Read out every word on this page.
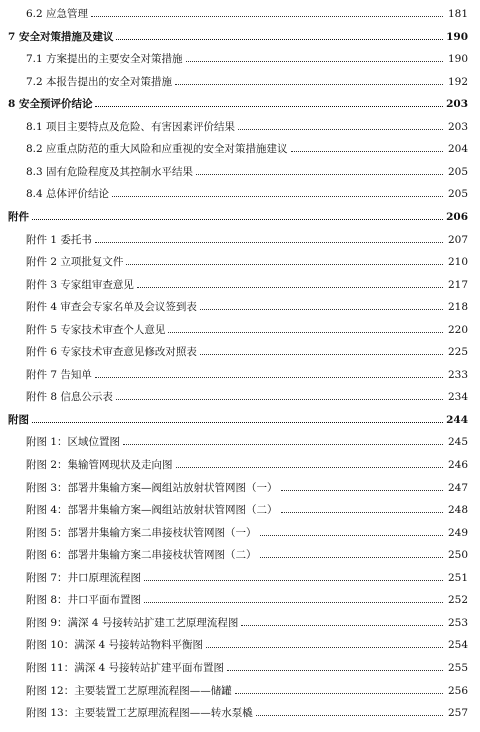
6.2 应急管理	181
7 安全对策措施及建议	190
7.1 方案提出的主要安全对策措施	190
7.2 本报告提出的安全对策措施	192
8 安全预评价结论	203
8.1 项目主要特点及危险、有害因素评价结果	203
8.2 应重点防范的重大风险和应重视的安全对策措施建议	204
8.3 固有危险程度及其控制水平结果	205
8.4 总体评价结论	205
附件	206
附件 1 委托书	207
附件 2 立项批复文件	210
附件 3 专家组审查意见	217
附件 4 审查会专家名单及会议签到表	218
附件 5 专家技术审查个人意见	220
附件 6 专家技术审查意见修改对照表	225
附件 7 告知单	233
附件 8 信息公示表	234
附图	244
附图 1：区域位置图	245
附图 2：集输管网现状及走向图	246
附图 3：部署井集输方案—阀组站放射状管网图（一）	247
附图 4：部署井集输方案—阀组站放射状管网图（二）	248
附图 5：部署井集输方案二串接枝状管网图（一）	249
附图 6：部署井集输方案二串接枝状管网图（二）	250
附图 7：井口原理流程图	251
附图 8：井口平面布置图	252
附图 9：满深 4 号接转站扩建工艺原理流程图	253
附图 10：满深 4 号接转站物料平衡图	254
附图 11：满深 4 号接转站扩建平面布置图	255
附图 12：主要装置工艺原理流程图——储罐	256
附图 13：主要装置工艺原理流程图——转水泵橇	257
